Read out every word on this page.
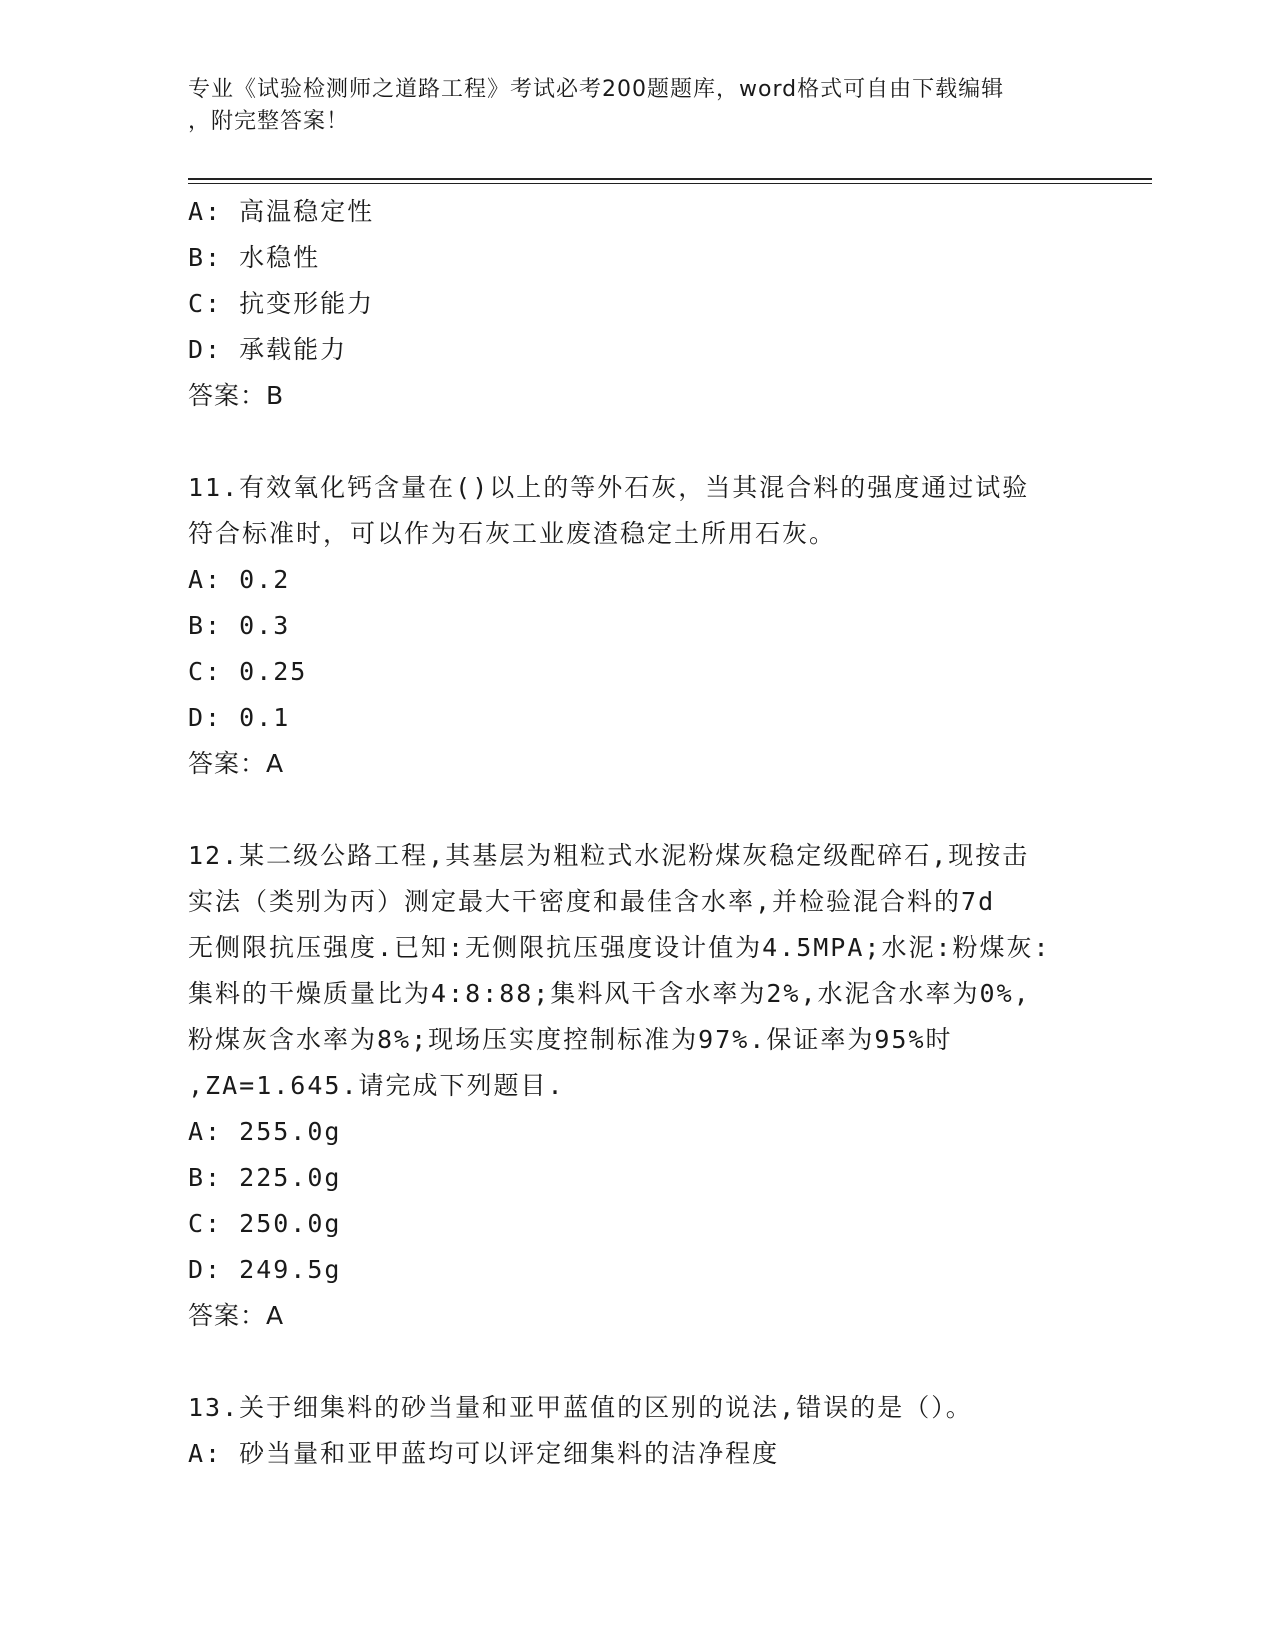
专业《试验检测师之道路工程》考试必考200题题库，word格式可自由下载编辑
，附完整答案！
A: 高温稳定性
B: 水稳性
C: 抗变形能力
D: 承载能力
答案：B
11.有效氧化钙含量在()以上的等外石灰，当其混合料的强度通过试验
符合标准时，可以作为石灰工业废渣稳定土所用石灰。
A: 0.2
B: 0.3
C: 0.25
D: 0.1
答案：A
12.某二级公路工程,其基层为粗粒式水泥粉煤灰稳定级配碎石,现按击
实法（类别为丙）测定最大干密度和最佳含水率,并检验混合料的7d
无侧限抗压强度.已知:无侧限抗压强度设计值为4.5MPA;水泥:粉煤灰:
集料的干燥质量比为4:8:88;集料风干含水率为2%,水泥含水率为0%,
粉煤灰含水率为8%;现场压实度控制标准为97%.保证率为95%时
,ZA=1.645.请完成下列题目.
A: 255.0g
B: 225.0g
C: 250.0g
D: 249.5g
答案：A
13.关于细集料的砂当量和亚甲蓝值的区别的说法,错误的是（）。
A: 砂当量和亚甲蓝均可以评定细集料的洁净程度
